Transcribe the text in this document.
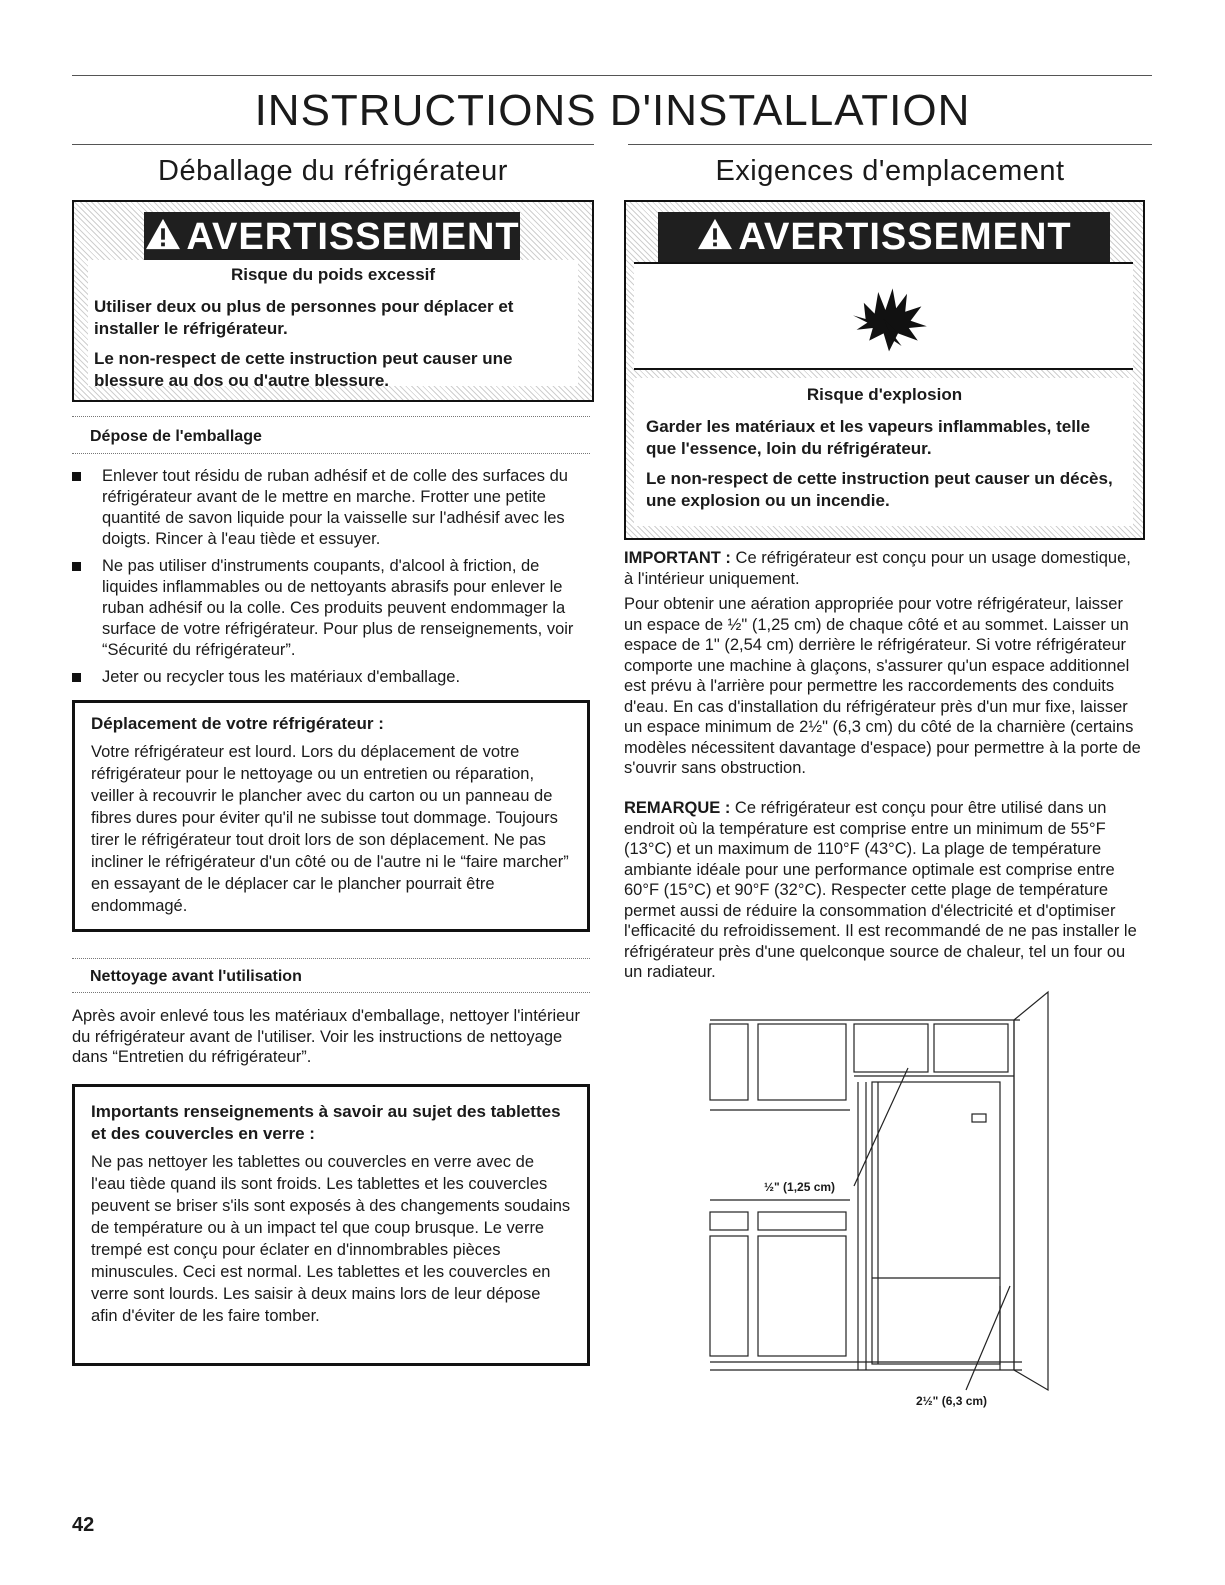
INSTRUCTIONS D'INSTALLATION
Déballage du réfrigérateur
AVERTISSEMENT

Risque du poids excessif

Utiliser deux ou plus de personnes pour déplacer et installer le réfrigérateur.

Le non-respect de cette instruction peut causer une blessure au dos ou d'autre blessure.

Dépose de l'emballage
Enlever tout résidu de ruban adhésif et de colle des surfaces du réfrigérateur avant de le mettre en marche. Frotter une petite quantité de savon liquide pour la vaisselle sur l'adhésif avec les doigts. Rincer à l'eau tiède et essuyer.
Ne pas utiliser d'instruments coupants, d'alcool à friction, de liquides inflammables ou de nettoyants abrasifs pour enlever le ruban adhésif ou la colle. Ces produits peuvent endommager la surface de votre réfrigérateur. Pour plus de renseignements, voir “Sécurité du réfrigérateur”.
Jeter ou recycler tous les matériaux d'emballage.
Déplacement de votre réfrigérateur :

Votre réfrigérateur est lourd. Lors du déplacement de votre réfrigérateur pour le nettoyage ou un entretien ou réparation, veiller à recouvrir le plancher avec du carton ou un panneau de fibres dures pour éviter qu'il ne subisse tout dommage. Toujours tirer le réfrigérateur tout droit lors de son déplacement. Ne pas incliner le réfrigérateur d'un côté ou de l'autre ni le “faire marcher” en essayant de le déplacer car le plancher pourrait être endommagé.

Nettoyage avant l'utilisation

Après avoir enlevé tous les matériaux d'emballage, nettoyer l'intérieur du réfrigérateur avant de l'utiliser. Voir les instructions de nettoyage dans “Entretien du réfrigérateur”.

Importants renseignements à savoir au sujet des tablettes et des couvercles en verre :

Ne pas nettoyer les tablettes ou couvercles en verre avec de l'eau tiède quand ils sont froids. Les tablettes et les couvercles peuvent se briser s'ils sont exposés à des changements soudains de température ou à un impact tel que coup brusque. Le verre trempé est conçu pour éclater en d'innombrables pièces minuscules. Ceci est normal. Les tablettes et les couvercles en verre sont lourds. Les saisir à deux mains lors de leur dépose afin d'éviter de les faire tomber.

Exigences d'emplacement
AVERTISSEMENT

Risque d'explosion

Garder les matériaux et les vapeurs inflammables, telle que l'essence, loin du réfrigérateur.

Le non-respect de cette instruction peut causer un décès, une explosion ou un incendie.

IMPORTANT : Ce réfrigérateur est conçu pour un usage domestique, à l'intérieur uniquement.

Pour obtenir une aération appropriée pour votre réfrigérateur, laisser un espace de ½" (1,25 cm) de chaque côté et au sommet. Laisser un espace de 1" (2,54 cm) derrière le réfrigérateur. Si votre réfrigérateur comporte une machine à glaçons, s'assurer qu'un espace additionnel est prévu à l'arrière pour permettre les raccordements des conduits d'eau. En cas d'installation du réfrigérateur près d'un mur fixe, laisser un espace minimum de 2½" (6,3 cm) du côté de la charnière (certains modèles nécessitent davantage d'espace) pour permettre à la porte de s'ouvrir sans obstruction.

REMARQUE : Ce réfrigérateur est conçu pour être utilisé dans un endroit où la température est comprise entre un minimum de 55°F (13°C) et un maximum de 110°F (43°C). La plage de température ambiante idéale pour une performance optimale est comprise entre 60°F (15°C) et 90°F (32°C). Respecter cette plage de température permet aussi de réduire la consommation d'électricité et d'optimiser l'efficacité du refroidissement. Il est recommandé de ne pas installer le réfrigérateur près d'une quelconque source de chaleur, tel un four ou un radiateur.

½" (1,25 cm)
2½" (6,3 cm)
42
